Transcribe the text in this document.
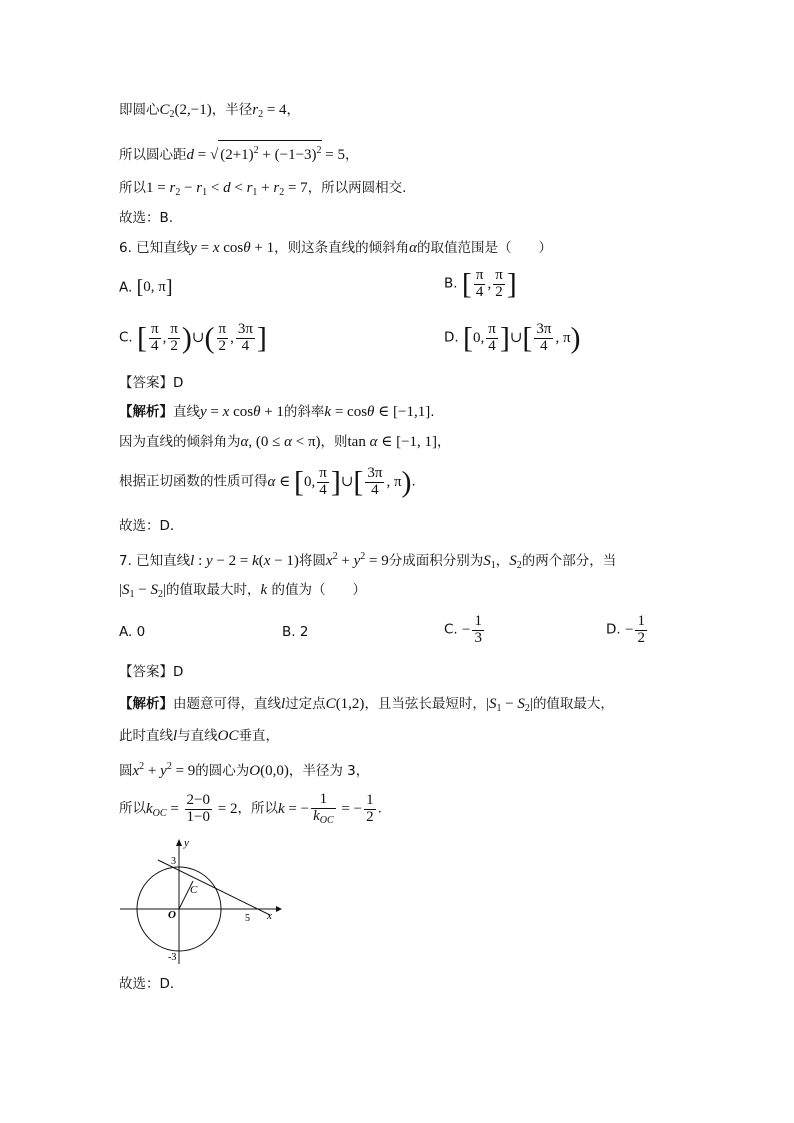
即圆心$C_2(2,-1)$，半径$r_2 = 4$，
所以圆心距d = √ $(2+1)^2 + (-1-3)^2 = 5$，
所以$1 = r_2 - r_1 < d < r_1 + r_2 = 7$，所以两圆相交.
故选：B.
6. 已知直线y = x cosθ + 1，则这条直线的倾斜角α的取值范围是（　　）
A. [0, π]	B. [ $\frac{\pi}{4}$ , $\frac{\pi}{2}$ ]
C. [ $\frac{\pi}{4}$ , $\frac{\pi}{2}$ )∪( $\frac{\pi}{2}$ , $\frac{3\pi}{4}$ ]	D. [0, $\frac{\pi}{4}$ ]∪[ $\frac{3\pi}{4}$ , π)
【答案】D
【解析】直线y = x cosθ + 1的斜率k = cosθ ∈ [−1,1].
因为直线的倾斜角为α, (0 ≤ α < π)，则tan α ∈ [−1, 1]，
根据正切函数的性质可得α ∈ [0, $\frac{\pi}{4}$ ]∪[ $\frac{3\pi}{4}$ , π).
故选：D．
7. 已知直线l : y − 2 = k(x − 1)将圆$x^2 + y^2 = 9$分成面积分别为$S_1$，$S_2$的两个部分，当
$|S_1 - S_2|$的值取最大时，k 的值为（　　）
A. 0	B. 2	C. − $\frac{1}{3}$	D. − $\frac{1}{2}$
【答案】D
【解析】由题意可得，直线l过定点C(1,2)，且当弦长最短时，$|S_1 - S_2|$的值取最大，
此时直线l与直线OC垂直，
圆$x^2 + y^2 = 9$的圆心为O(0,0)，半径为 3，
所以$k_{OC} = \frac{2-0}{1-0} = 2$，所以k = − $\frac{1}{k_{OC}}$ = − $\frac{1}{2}$ .
y
x
O
C
3
5
-3
故选：D．
